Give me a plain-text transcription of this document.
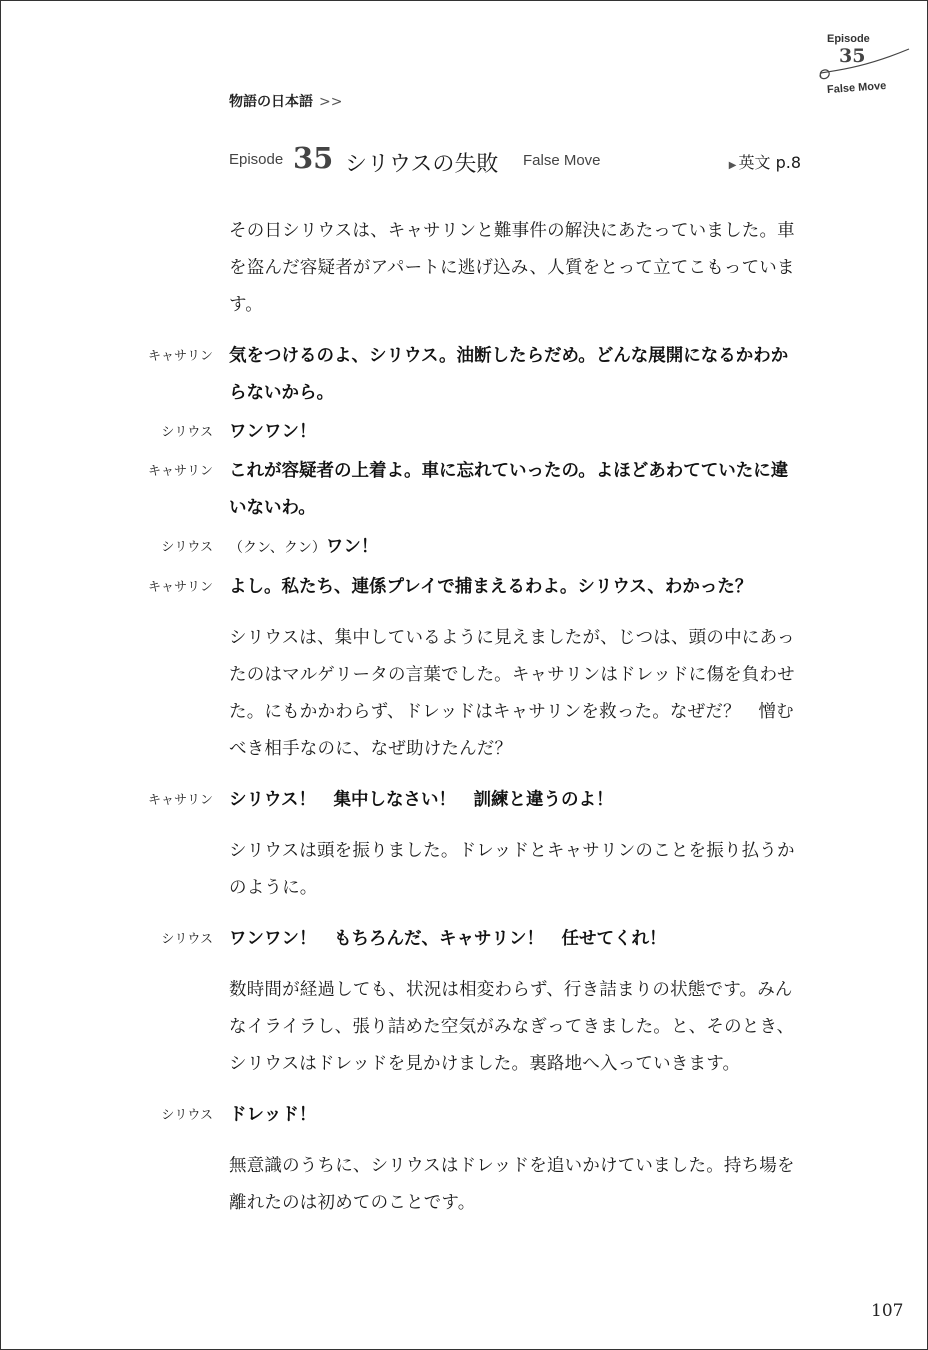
Episode
35
False Move
物語の日本語 >>
Episode 35 シリウスの失敗 False Move	▶ 英文 p.8

その日シリウスは、キャサリンと難事件の解決にあたっていました。車を盗んだ容疑者がアパートに逃げ込み、人質をとって立てこもっています。

キャサリン 気をつけるのよ、シリウス。油断したらだめ。どんな展開になるかわからないから。
シリウス ワンワン！
キャサリン これが容疑者の上着よ。車に忘れていったの。よほどあわてていたに違いないわ。
シリウス （クン、クン）ワン！
キャサリン よし。私たち、連係プレイで捕まえるわよ。シリウス、わかった？

シリウスは、集中しているように見えましたが、じつは、頭の中にあったのはマルゲリータの言葉でした。キャサリンはドレッドに傷を負わせた。にもかかわらず、ドレッドはキャサリンを救った。なぜだ？　憎むべき相手なのに、なぜ助けたんだ？

キャサリン シリウス！　集中しなさい！　訓練と違うのよ！

シリウスは頭を振りました。ドレッドとキャサリンのことを振り払うかのように。

シリウス ワンワン！　もちろんだ、キャサリン！　任せてくれ！

数時間が経過しても、状況は相変わらず、行き詰まりの状態です。みんなイライラし、張り詰めた空気がみなぎってきました。と、そのとき、シリウスはドレッドを見かけました。裏路地へ入っていきます。

シリウス ドレッド！

無意識のうちに、シリウスはドレッドを追いかけていました。持ち場を離れたのは初めてのことです。

107
